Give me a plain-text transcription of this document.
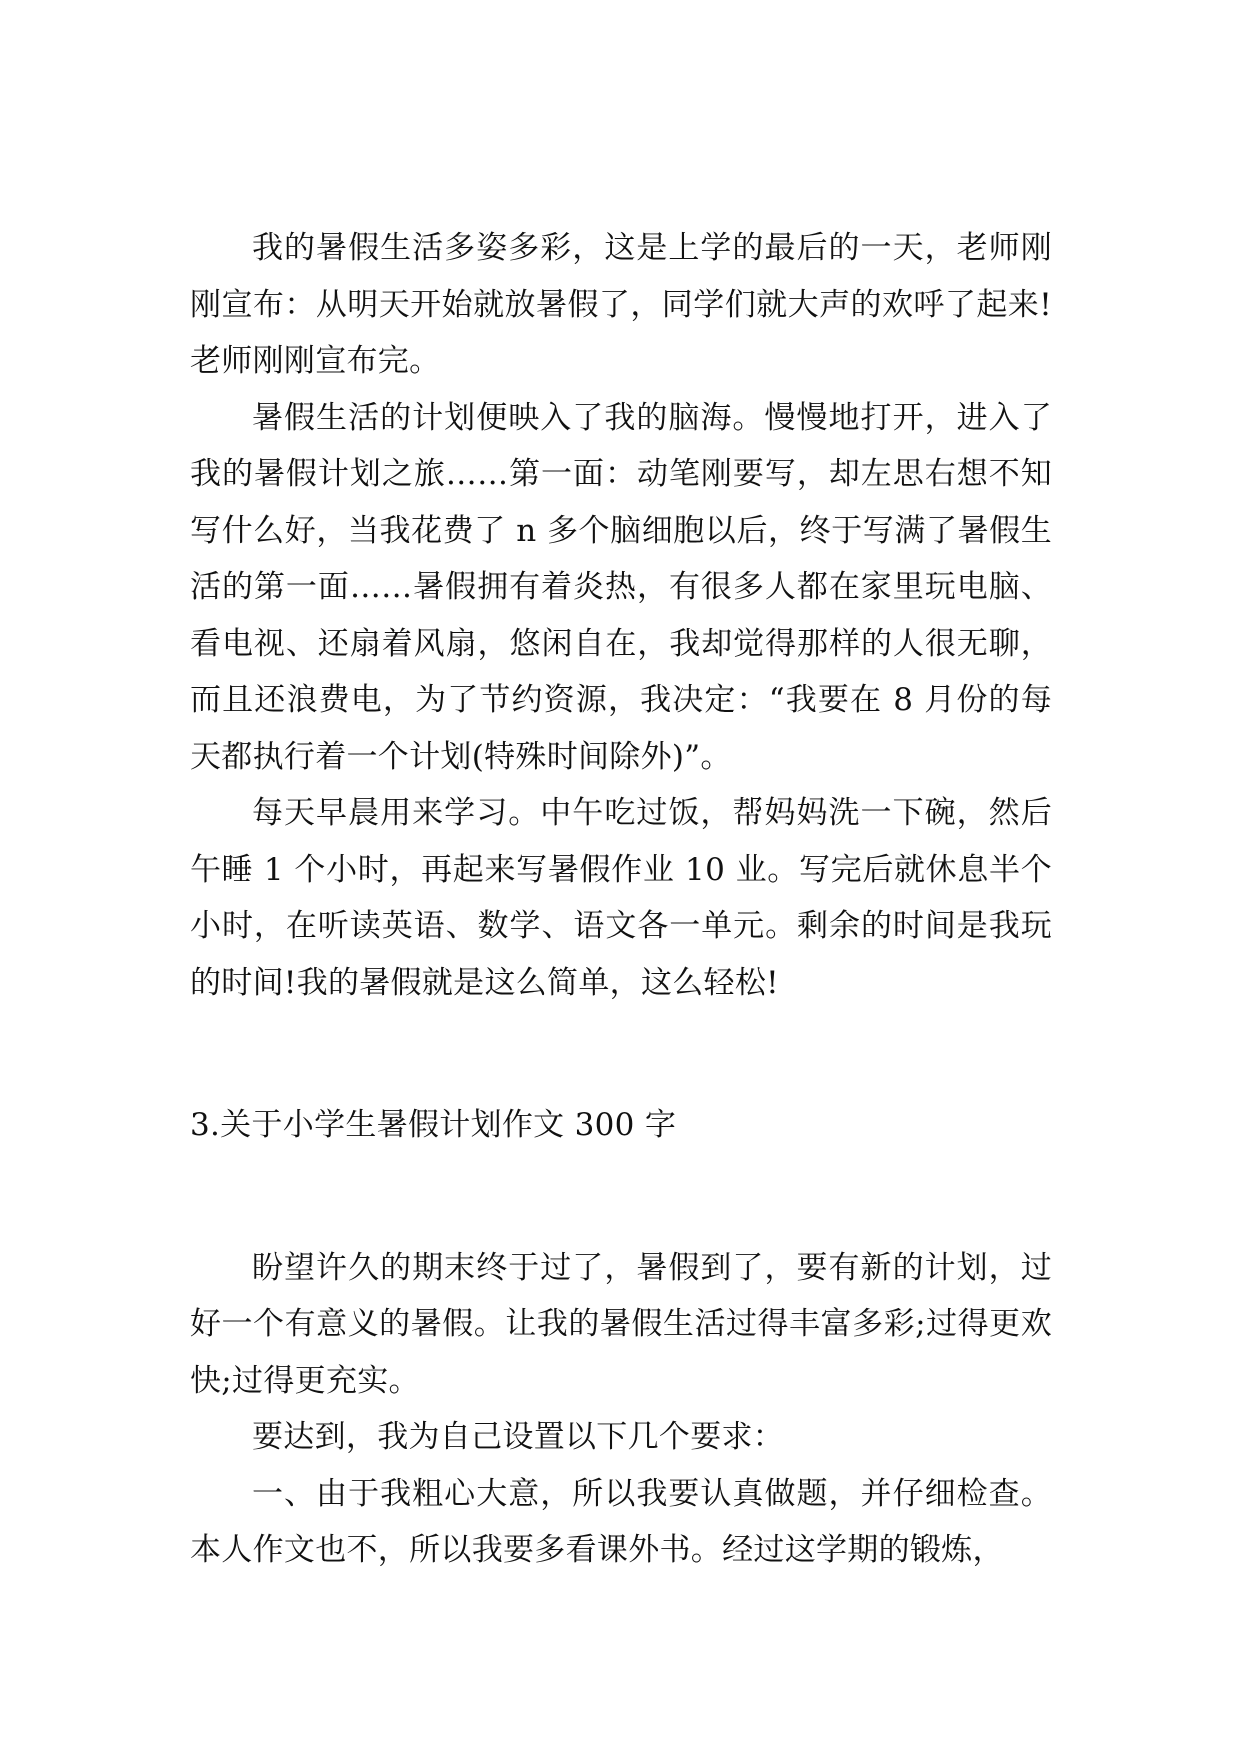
我的暑假生活多姿多彩，这是上学的最后的一天，老师刚刚宣布：从明天开始就放暑假了，同学们就大声的欢呼了起来!老师刚刚宣布完。

暑假生活的计划便映入了我的脑海。慢慢地打开，进入了我的暑假计划之旅……第一面：动笔刚要写，却左思右想不知写什么好，当我花费了 n 多个脑细胞以后，终于写满了暑假生活的第一面……暑假拥有着炎热，有很多人都在家里玩电脑、看电视、还扇着风扇，悠闲自在，我却觉得那样的人很无聊，而且还浪费电，为了节约资源，我决定：“我要在 8 月份的每天都执行着一个计划(特殊时间除外)”。

每天早晨用来学习。中午吃过饭，帮妈妈洗一下碗，然后午睡 1 个小时，再起来写暑假作业 10 业。写完后就休息半个小时，在听读英语、数学、语文各一单元。剩余的时间是我玩的时间!我的暑假就是这么简单，这么轻松!

3.关于小学生暑假计划作文 300 字

盼望许久的期末终于过了，暑假到了，要有新的计划，过好一个有意义的暑假。让我的暑假生活过得丰富多彩;过得更欢快;过得更充实。

要达到，我为自己设置以下几个要求：

一、由于我粗心大意，所以我要认真做题，并仔细检查。本人作文也不，所以我要多看课外书。经过这学期的锻炼，
